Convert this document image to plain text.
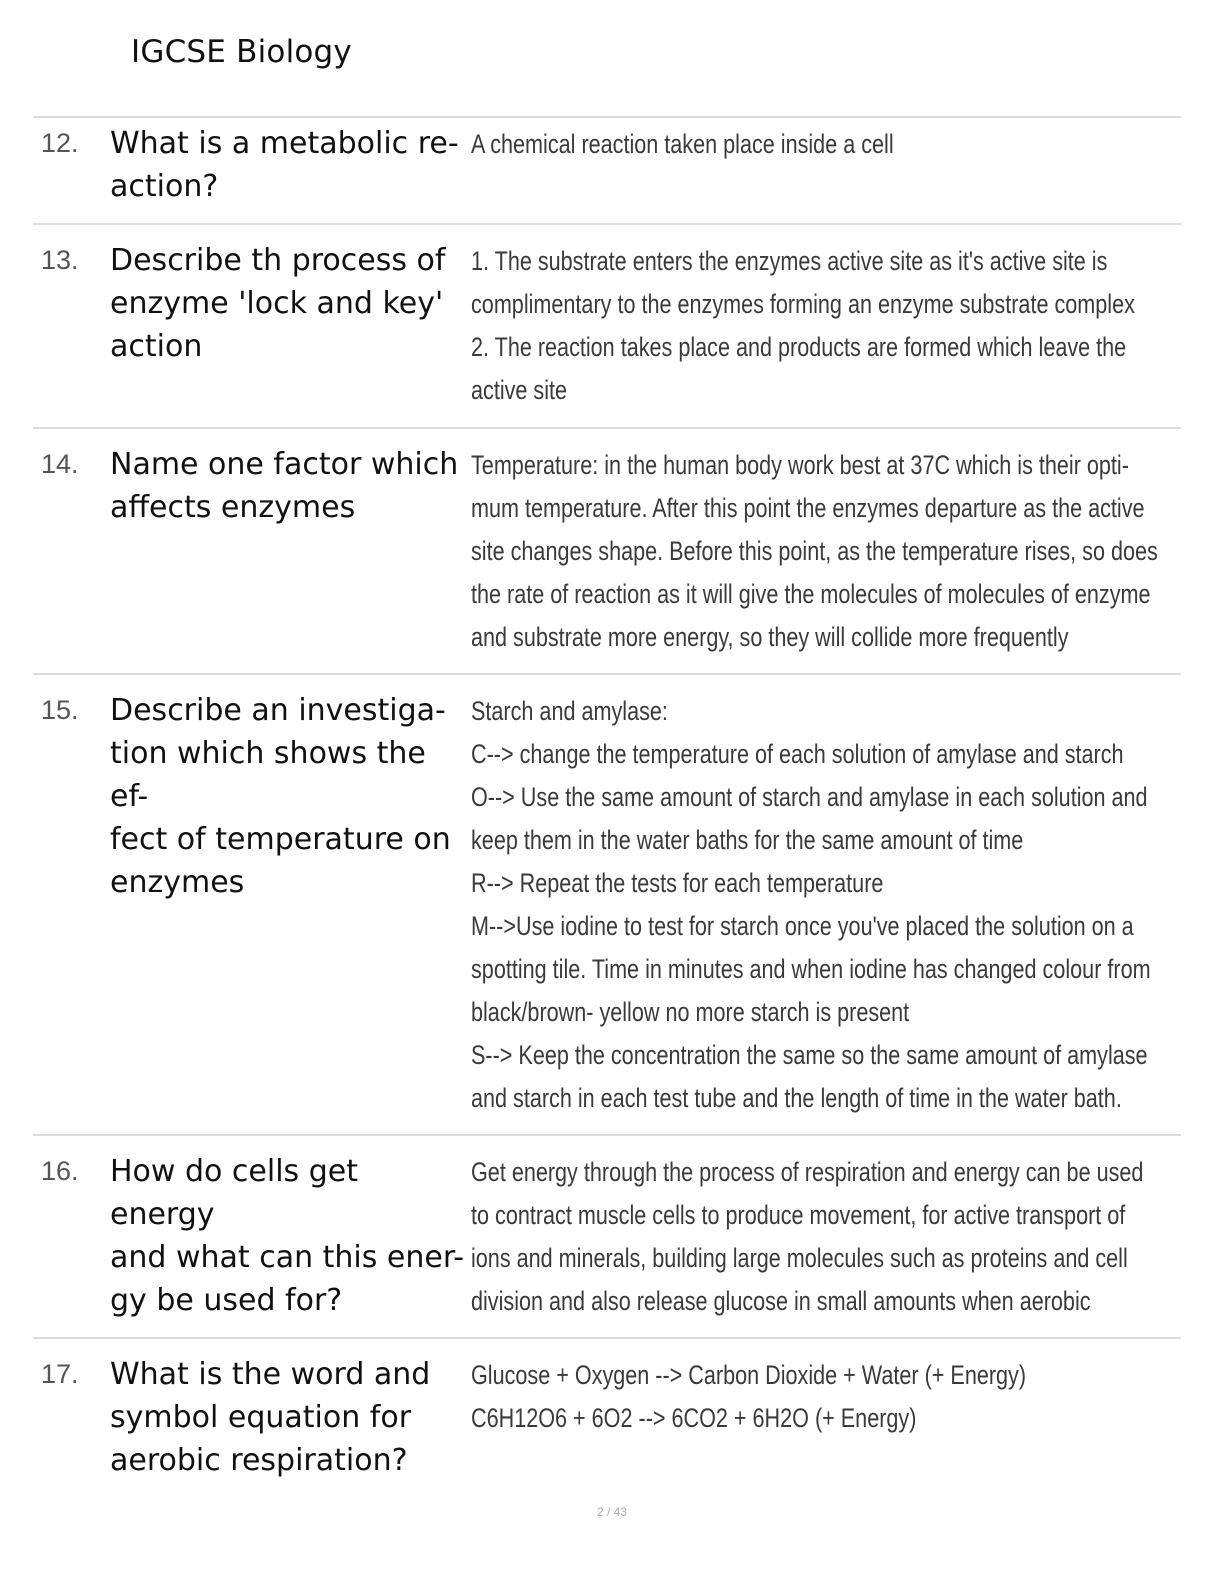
IGCSE Biology
12. What is a metabolic re-
action?
A chemical reaction taken place inside a cell
13. Describe th process of
enzyme 'lock and key'
action
1. The substrate enters the enzymes active site as it's active site is
complimentary to the enzymes forming an enzyme substrate complex
2. The reaction takes place and products are formed which leave the
active site
14. Name one factor which
affects enzymes
Temperature: in the human body work best at 37C which is their opti-
mum temperature. After this point the enzymes departure as the active
site changes shape. Before this point, as the temperature rises, so does
the rate of reaction as it will give the molecules of molecules of enzyme
and substrate more energy, so they will collide more frequently
15. Describe an investiga-
tion which shows the ef-
fect of temperature on
enzymes
Starch and amylase:
C--> change the temperature of each solution of amylase and starch
O--> Use the same amount of starch and amylase in each solution and
keep them in the water baths for the same amount of time
R--> Repeat the tests for each temperature
M-->Use iodine to test for starch once you've placed the solution on a
spotting tile. Time in minutes and when iodine has changed colour from
black/brown- yellow no more starch is present
S--> Keep the concentration the same so the same amount of amylase
and starch in each test tube and the length of time in the water bath.
16. How do cells get energy
and what can this ener-
gy be used for?
Get energy through the process of respiration and energy can be used
to contract muscle cells to produce movement, for active transport of
ions and minerals, building large molecules such as proteins and cell
division and also release glucose in small amounts when aerobic
17. What is the word and
symbol equation for
aerobic respiration?
Glucose + Oxygen --> Carbon Dioxide + Water (+ Energy)
C6H12O6 + 6O2 --> 6CO2 + 6H2O (+ Energy)
2 / 43
